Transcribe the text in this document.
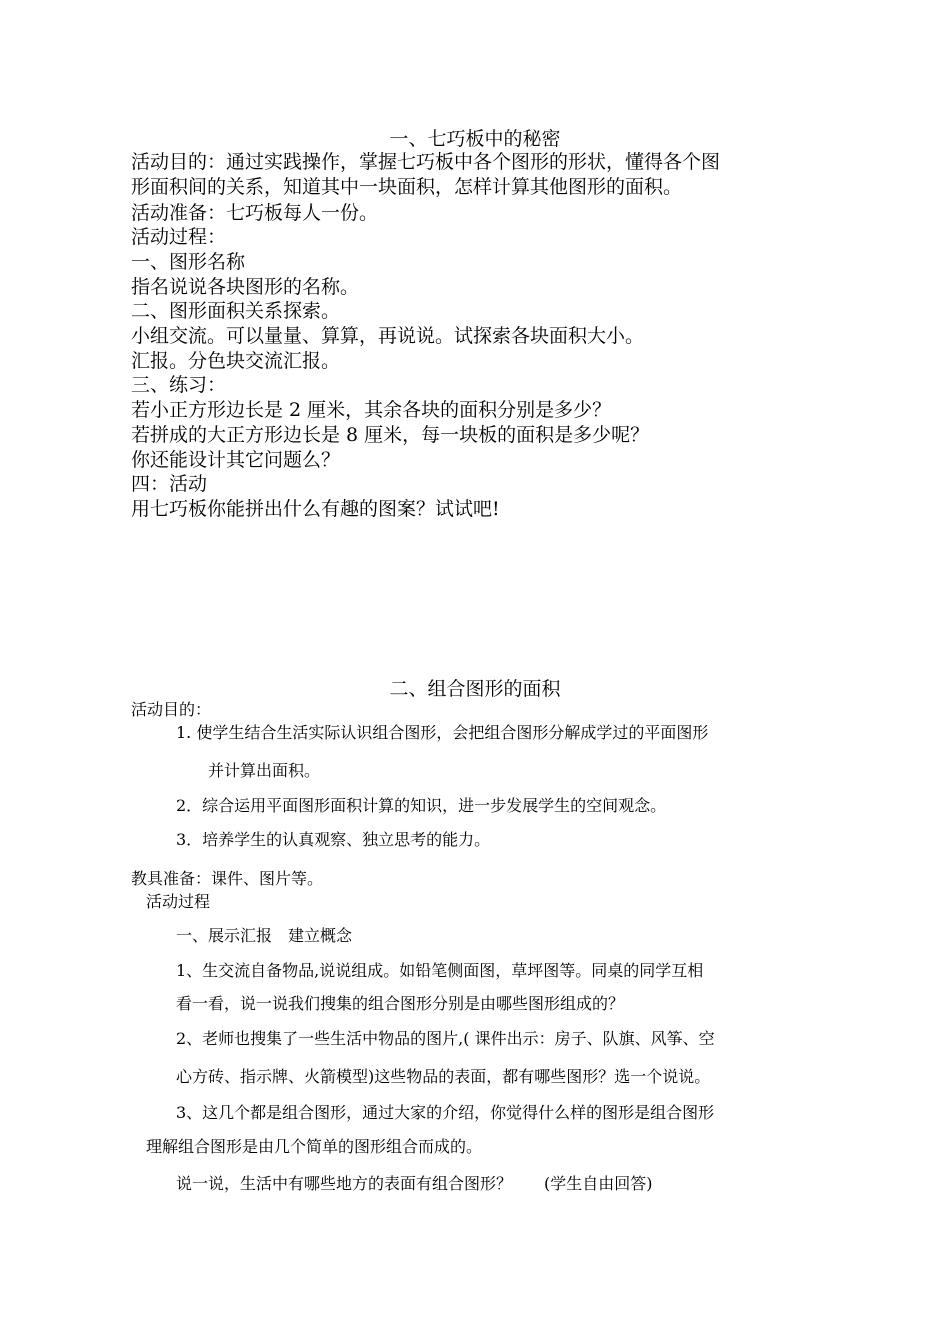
一、七巧板中的秘密
活动目的：通过实践操作，掌握七巧板中各个图形的形状，懂得各个图
形面积间的关系，知道其中一块面积，怎样计算其他图形的面积。
活动准备：七巧板每人一份。
活动过程：
一、图形名称
指名说说各块图形的名称。
二、图形面积关系探索。
小组交流。可以量量、算算，再说说。试探索各块面积大小。
汇报。分色块交流汇报。
三、练习：
若小正方形边长是 2 厘米，其余各块的面积分别是多少？
若拼成的大正方形边长是 8 厘米，每一块板的面积是多少呢？
你还能设计其它问题么？
四：活动
用七巧板你能拼出什么有趣的图案？试试吧!
二、组合图形的面积
活动目的：
1. 使学生结合生活实际认识组合图形，会把组合图形分解成学过的平面图形
并计算出面积。
2．综合运用平面图形面积计算的知识，进一步发展学生的空间观念。
3．培养学生的认真观察、独立思考的能力。
教具准备：课件、图片等。
活动过程
一、展示汇报　建立概念
1、生交流自备物品,说说组成。如铅笔侧面图，草坪图等。同桌的同学互相
看一看，说一说我们搜集的组合图形分别是由哪些图形组成的？
2、老师也搜集了一些生活中物品的图片,( 课件出示：房子、队旗、风筝、空
心方砖、指示牌、火箭模型)这些物品的表面，都有哪些图形？选一个说说。
3、这几个都是组合图形，通过大家的介绍，你觉得什么样的图形是组合图形
理解组合图形是由几个简单的图形组合而成的。
说一说，生活中有哪些地方的表面有组合图形？　　(学生自由回答)
